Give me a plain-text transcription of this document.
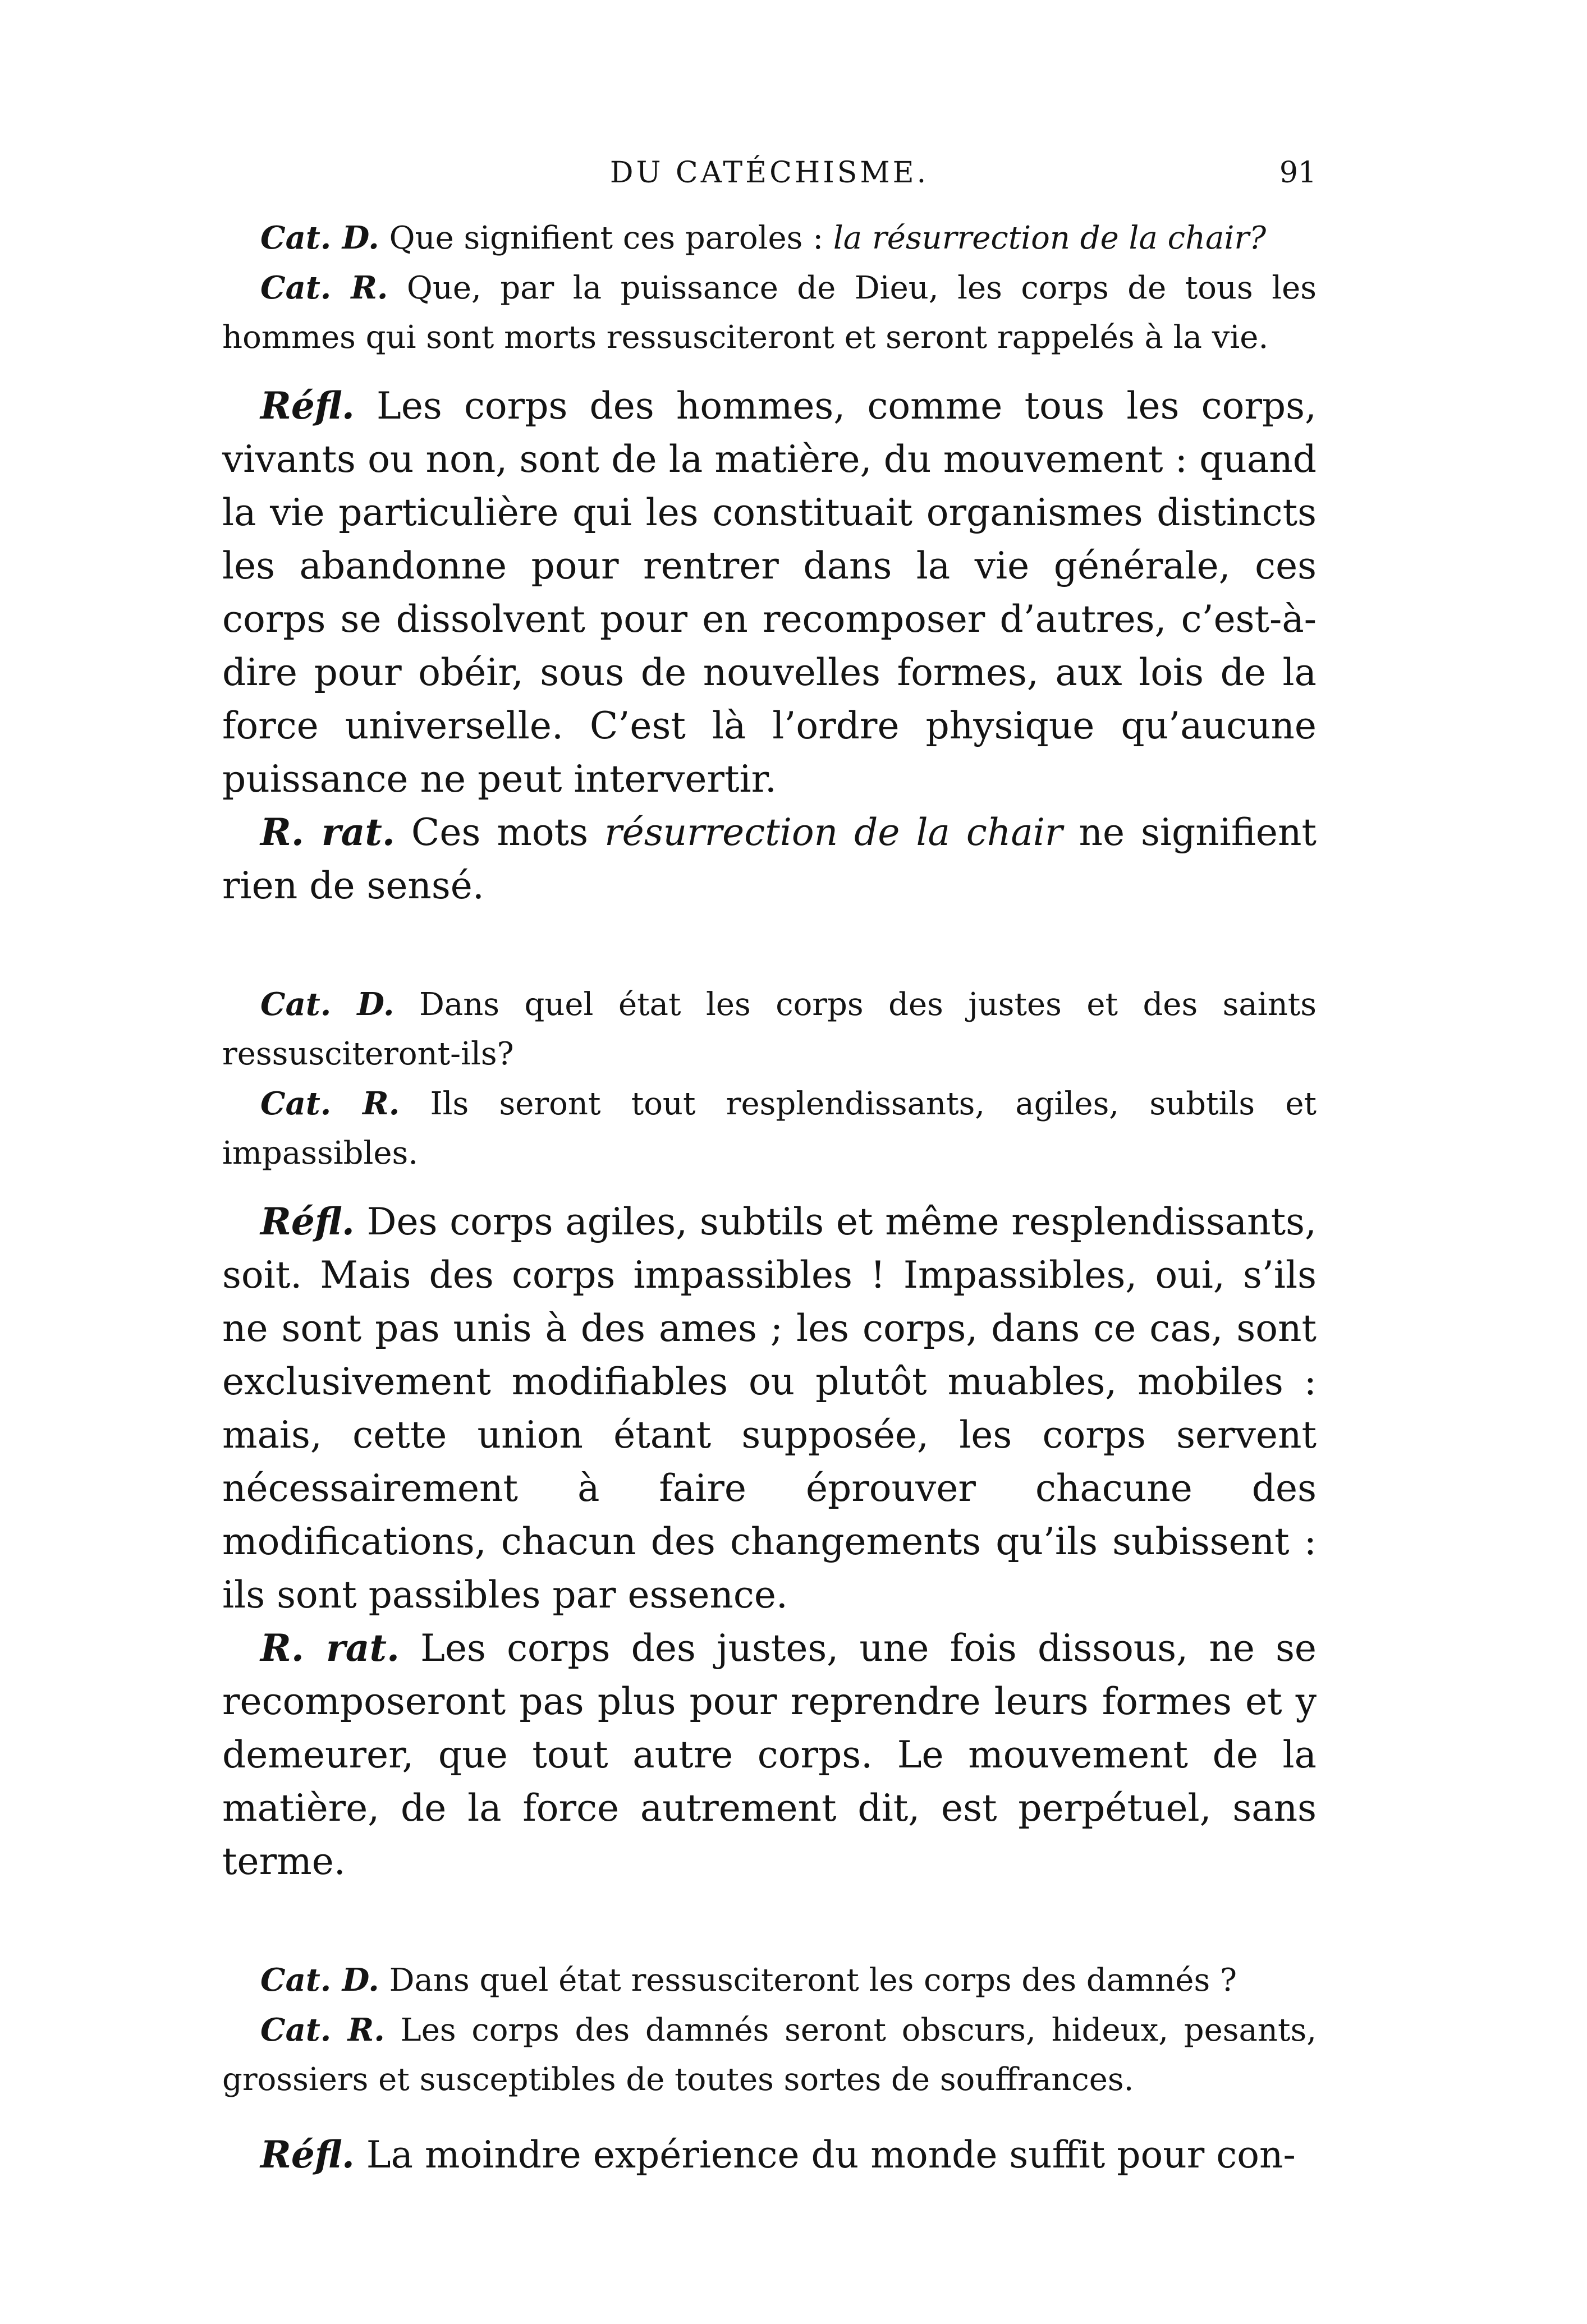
DU CATÉCHISME.	91

Cat. D. Que signifient ces paroles : la résurrection de la chair?

Cat. R. Que, par la puissance de Dieu, les corps de tous les hommes qui sont morts ressusciteront et seront rappelés à la vie.

Réfl. Les corps des hommes, comme tous les corps, vivants ou non, sont de la matière, du mouvement : quand la vie particulière qui les constituait organismes distincts les abandonne pour rentrer dans la vie générale, ces corps se dissolvent pour en recomposer d’autres, c’est-à-dire pour obéir, sous de nouvelles formes, aux lois de la force universelle. C’est là l’ordre physique qu’aucune puissance ne peut intervertir.

R. rat. Ces mots résurrection de la chair ne signifient rien de sensé.

Cat. D. Dans quel état les corps des justes et des saints ressusciteront-ils?

Cat. R. Ils seront tout resplendissants, agiles, subtils et impassibles.

Réfl. Des corps agiles, subtils et même resplendissants, soit. Mais des corps impassibles ! Impassibles, oui, s’ils ne sont pas unis à des ames ; les corps, dans ce cas, sont exclusivement modifiables ou plutôt muables, mobiles : mais, cette union étant supposée, les corps servent nécessairement à faire éprouver chacune des modifications, chacun des changements qu’ils subissent : ils sont passibles par essence.

R. rat. Les corps des justes, une fois dissous, ne se recomposeront pas plus pour reprendre leurs formes et y demeurer, que tout autre corps. Le mouvement de la matière, de la force autrement dit, est perpétuel, sans terme.

Cat. D. Dans quel état ressusciteront les corps des damnés ?

Cat. R. Les corps des damnés seront obscurs, hideux, pesants, grossiers et susceptibles de toutes sortes de souffrances.

Réfl. La moindre expérience du monde suffit pour con-
